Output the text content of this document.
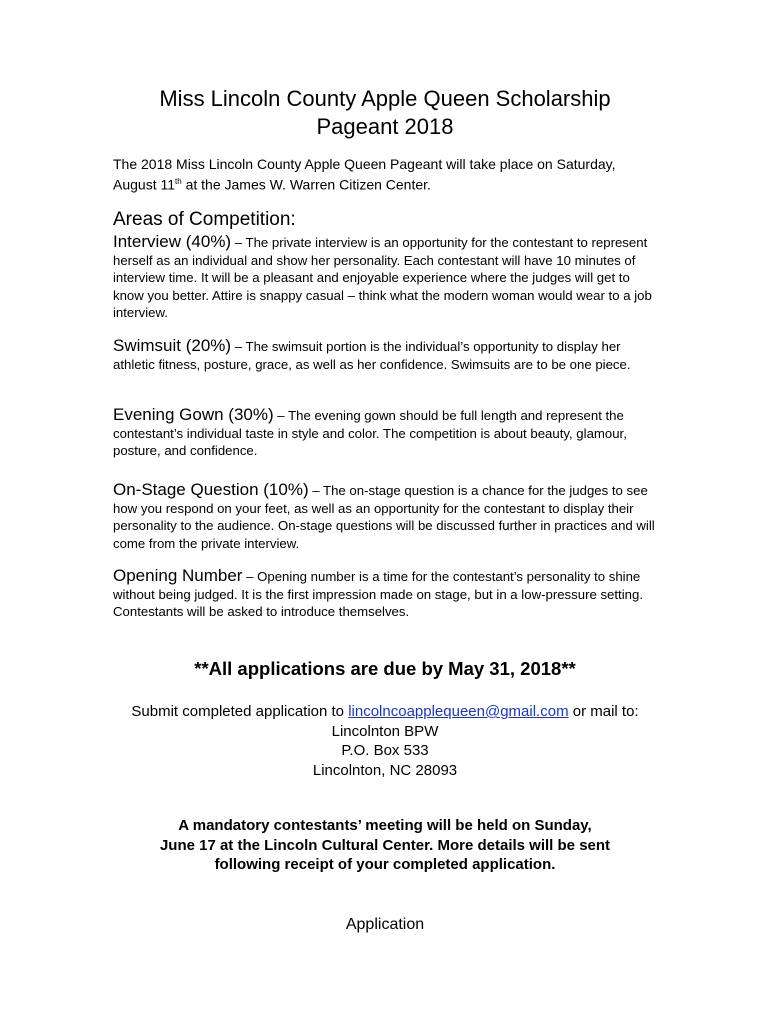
Miss Lincoln County Apple Queen Scholarship
Pageant 2018
The 2018 Miss Lincoln County Apple Queen Pageant will take place on Saturday, August 11th at the James W. Warren Citizen Center.
Areas of Competition:
Interview (40%) – The private interview is an opportunity for the contestant to represent herself as an individual and show her personality. Each contestant will have 10 minutes of interview time. It will be a pleasant and enjoyable experience where the judges will get to know you better. Attire is snappy casual – think what the modern woman would wear to a job interview.
Swimsuit (20%) – The swimsuit portion is the individual’s opportunity to display her athletic fitness, posture, grace, as well as her confidence. Swimsuits are to be one piece.
Evening Gown (30%) – The evening gown should be full length and represent the contestant’s individual taste in style and color. The competition is about beauty, glamour, posture, and confidence.
On-Stage Question (10%) – The on-stage question is a chance for the judges to see how you respond on your feet, as well as an opportunity for the contestant to display their personality to the audience. On-stage questions will be discussed further in practices and will come from the private interview.
Opening Number – Opening number is a time for the contestant’s personality to shine without being judged. It is the first impression made on stage, but in a low-pressure setting. Contestants will be asked to introduce themselves.
**All applications are due by May 31, 2018**
Submit completed application to lincolncoapplequeen@gmail.com or mail to:
Lincolnton BPW
P.O. Box 533
Lincolnton, NC 28093
A mandatory contestants’ meeting will be held on Sunday,
June 17 at the Lincoln Cultural Center. More details will be sent
following receipt of your completed application.
Application
